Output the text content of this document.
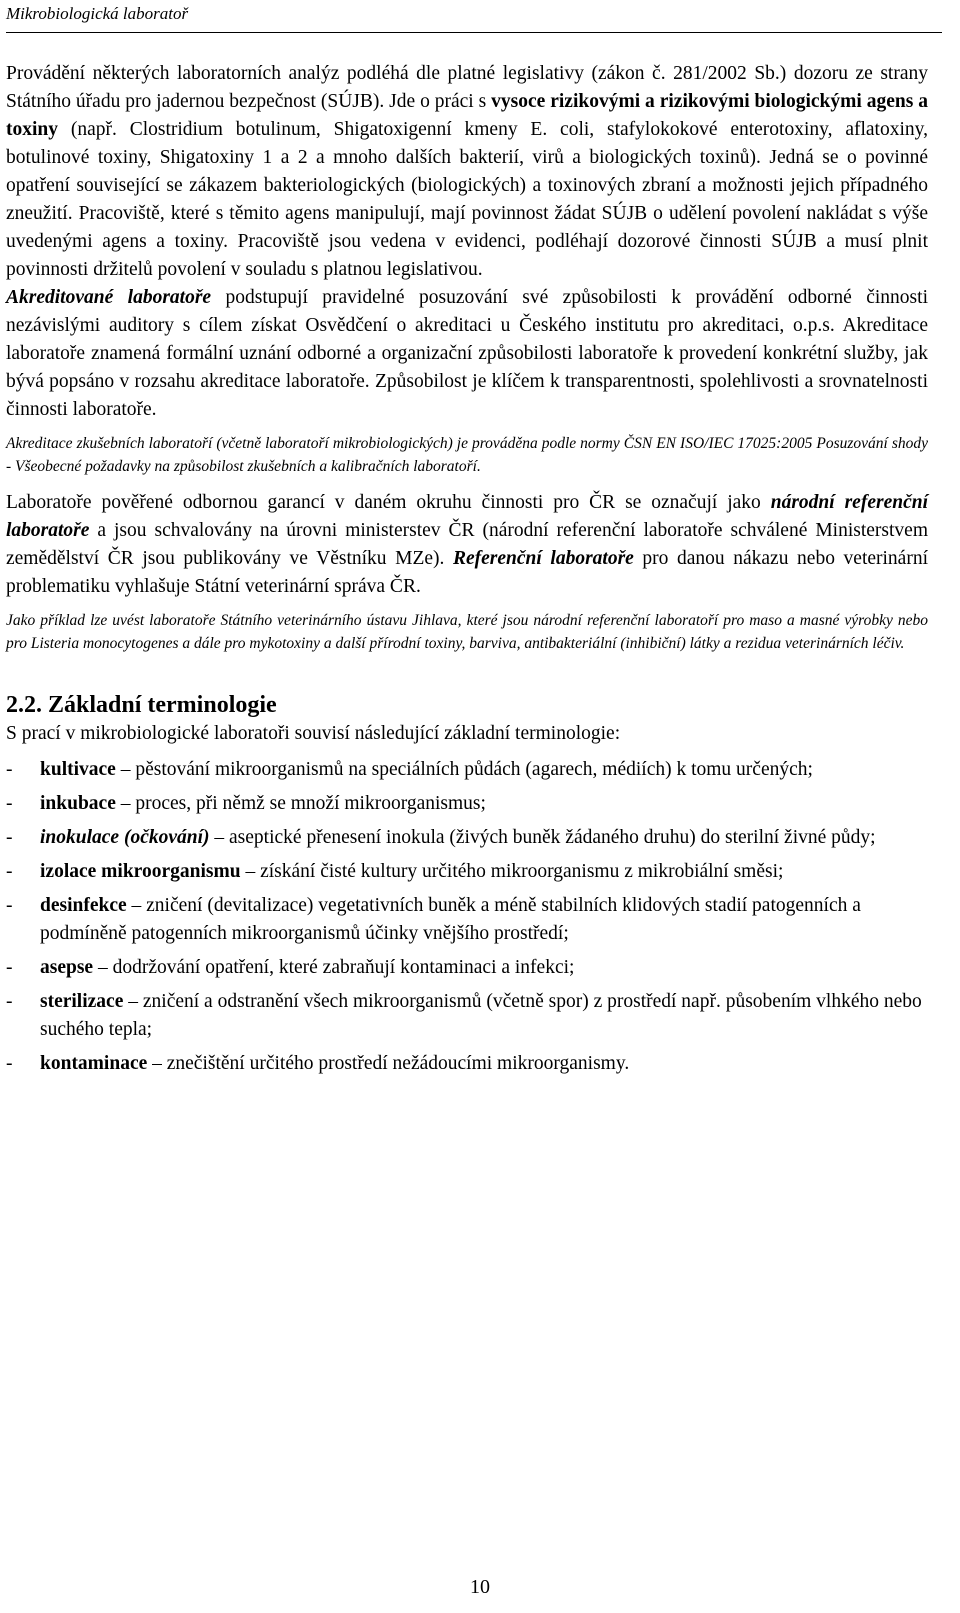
Mikrobiologická laboratoř

Provádění některých laboratorních analýz podléhá dle platné legislativy (zákon č. 281/2002 Sb.) dozoru ze strany Státního úřadu pro jadernou bezpečnost (SÚJB). Jde o práci s vysoce rizikovými a rizikovými biologickými agens a toxiny (např. Clostridium botulinum, Shigatoxigenní kmeny E. coli, stafylokokové enterotoxiny, aflatoxiny, botulinové toxiny, Shigatoxiny 1 a 2 a mnoho dalších bakterií, virů a biologických toxinů). Jedná se o povinné opatření související se zákazem bakteriologických (biologických) a toxinových zbraní a možnosti jejich případného zneužití. Pracoviště, které s těmito agens manipulují, mají povinnost žádat SÚJB o udělení povolení nakládat s výše uvedenými agens a toxiny. Pracoviště jsou vedena v evidenci, podléhají dozorové činnosti SÚJB a musí plnit povinnosti držitelů povolení v souladu s platnou legislativou.

Akreditované laboratoře podstupují pravidelné posuzování své způsobilosti k provádění odborné činnosti nezávislými auditory s cílem získat Osvědčení o akreditaci u Českého institutu pro akreditaci, o.p.s. Akreditace laboratoře znamená formální uznání odborné a organizační způsobilosti laboratoře k provedení konkrétní služby, jak bývá popsáno v rozsahu akreditace laboratoře. Způsobilost je klíčem k transparentnosti, spolehlivosti a srovnatelnosti činnosti laboratoře.

Akreditace zkušebních laboratoří (včetně laboratoří mikrobiologických) je prováděna podle normy ČSN EN ISO/IEC 17025:2005 Posuzování shody - Všeobecné požadavky na způsobilost zkušebních a kalibračních laboratoří.

Laboratoře pověřené odbornou garancí v daném okruhu činnosti pro ČR se označují jako národní referenční laboratoře a jsou schvalovány na úrovni ministerstev ČR (národní referenční laboratoře schválené Ministerstvem zemědělství ČR jsou publikovány ve Věstníku MZe). Referenční laboratoře pro danou nákazu nebo veterinární problematiku vyhlašuje Státní veterinární správa ČR.

Jako příklad lze uvést laboratoře Státního veterinárního ústavu Jihlava, které jsou národní referenční laboratoří pro maso a masné výrobky nebo pro Listeria monocytogenes a dále pro mykotoxiny a další přírodní toxiny, barviva, antibakteriální (inhibiční) látky a rezidua veterinárních léčiv.

2.2. Základní terminologie

S prací v mikrobiologické laboratoři souvisí následující základní terminologie:

- kultivace – pěstování mikroorganismů na speciálních půdách (agarech, médiích) k tomu určených;
- inkubace – proces, při němž se množí mikroorganismus;
- inokulace (očkování) – aseptické přenesení inokula (živých buněk žádaného druhu) do sterilní živné půdy;
- izolace mikroorganismu – získání čisté kultury určitého mikroorganismu z mikrobiální směsi;
- desinfekce – zničení (devitalizace) vegetativních buněk a méně stabilních klidových stadií patogenních a podmíněně patogenních mikroorganismů účinky vnějšího prostředí;
- asepse – dodržování opatření, které zabraňují kontaminaci a infekci;
- sterilizace – zničení a odstranění všech mikroorganismů (včetně spor) z prostředí např. působením vlhkého nebo suchého tepla;
- kontaminace – znečištění určitého prostředí nežádoucími mikroorganismy.
10
